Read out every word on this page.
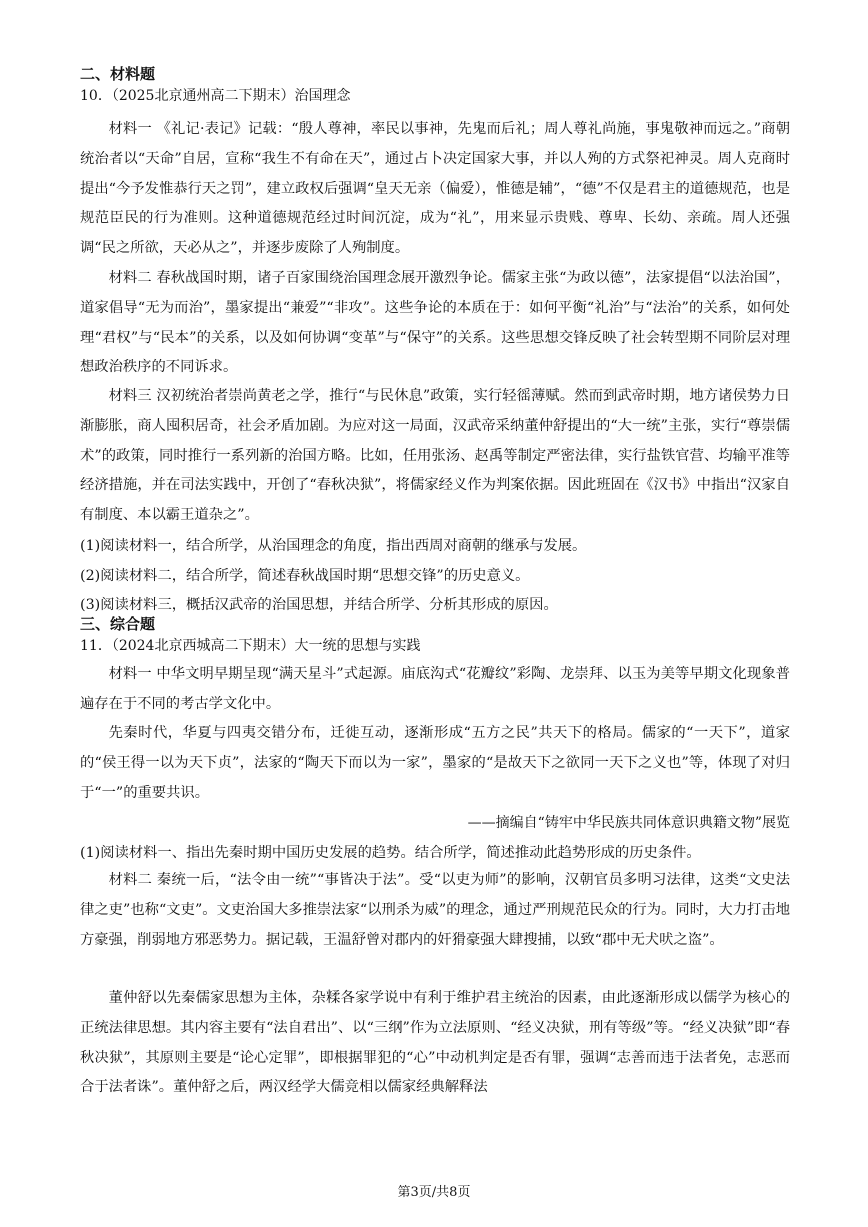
二、材料题
10．（2025北京通州高二下期末）治国理念

材料一 《礼记·表记》记载：“殷人尊神，率民以事神，先鬼而后礼；周人尊礼尚施，事鬼敬神而远之。”商朝统治者以“天命”自居，宣称“我生不有命在天”，通过占卜决定国家大事，并以人殉的方式祭祀神灵。周人克商时提出“今予发惟恭行天之罚”，建立政权后强调“皇天无亲（偏爱），惟德是辅”，“德”不仅是君主的道德规范，也是规范臣民的行为准则。这种道德规范经过时间沉淀，成为“礼”，用来显示贵贱、尊卑、长幼、亲疏。周人还强调“民之所欲，天必从之”，并逐步废除了人殉制度。

材料二 春秋战国时期，诸子百家围绕治国理念展开激烈争论。儒家主张“为政以德”，法家提倡“以法治国”，道家倡导“无为而治”，墨家提出“兼爱”“非攻”。这些争论的本质在于：如何平衡“礼治”与“法治”的关系，如何处理“君权”与“民本”的关系，以及如何协调“变革”与“保守”的关系。这些思想交锋反映了社会转型期不同阶层对理想政治秩序的不同诉求。

材料三 汉初统治者崇尚黄老之学，推行“与民休息”政策，实行轻徭薄赋。然而到武帝时期，地方诸侯势力日渐膨胀，商人囤积居奇，社会矛盾加剧。为应对这一局面，汉武帝采纳董仲舒提出的“大一统”主张，实行“尊崇儒术”的政策，同时推行一系列新的治国方略。比如，任用张汤、赵禹等制定严密法律，实行盐铁官营、均输平准等经济措施，并在司法实践中，开创了“春秋决狱”，将儒家经义作为判案依据。因此班固在《汉书》中指出“汉家自有制度、本以霸王道杂之”。

(1)阅读材料一，结合所学，从治国理念的角度，指出西周对商朝的继承与发展。
(2)阅读材料二，结合所学，简述春秋战国时期“思想交锋”的历史意义。
(3)阅读材料三，概括汉武帝的治国思想，并结合所学、分析其形成的原因。
三、综合题
11．（2024北京西城高二下期末）大一统的思想与实践

材料一 中华文明早期呈现“满天星斗”式起源。庙底沟式“花瓣纹”彩陶、龙崇拜、以玉为美等早期文化现象普遍存在于不同的考古学文化中。

先秦时代，华夏与四夷交错分布，迁徙互动，逐渐形成“五方之民”共天下的格局。儒家的“一天下”，道家的“侯王得一以为天下贞”，法家的“陶天下而以为一家”，墨家的“是故天下之欲同一天下之义也”等，体现了对归于“一”的重要共识。

——摘编自“铸牢中华民族共同体意识典籍文物”展览
(1)阅读材料一、指出先秦时期中国历史发展的趋势。结合所学，简述推动此趋势形成的历史条件。

材料二 秦统一后，“法令由一统”“事皆决于法”。受“以吏为师”的影响，汉朝官员多明习法律，这类“文史法律之吏”也称“文吏”。文吏治国大多推崇法家“以刑杀为威”的理念，通过严刑规范民众的行为。同时，大力打击地方豪强，削弱地方邪恶势力。据记载，王温舒曾对郡内的奸猾豪强大肆搜捕，以致“郡中无犬吠之盗”。

董仲舒以先秦儒家思想为主体，杂糅各家学说中有利于维护君主统治的因素，由此逐渐形成以儒学为核心的正统法律思想。其内容主要有“法自君出”、以“三纲”作为立法原则、“经义决狱，刑有等级”等。“经义决狱”即“春秋决狱”，其原则主要是“论心定罪”，即根据罪犯的“心”中动机判定是否有罪，强调“志善而违于法者免，志恶而合于法者诛”。董仲舒之后，两汉经学大儒竞相以儒家经典解释法

第3页/共8页
